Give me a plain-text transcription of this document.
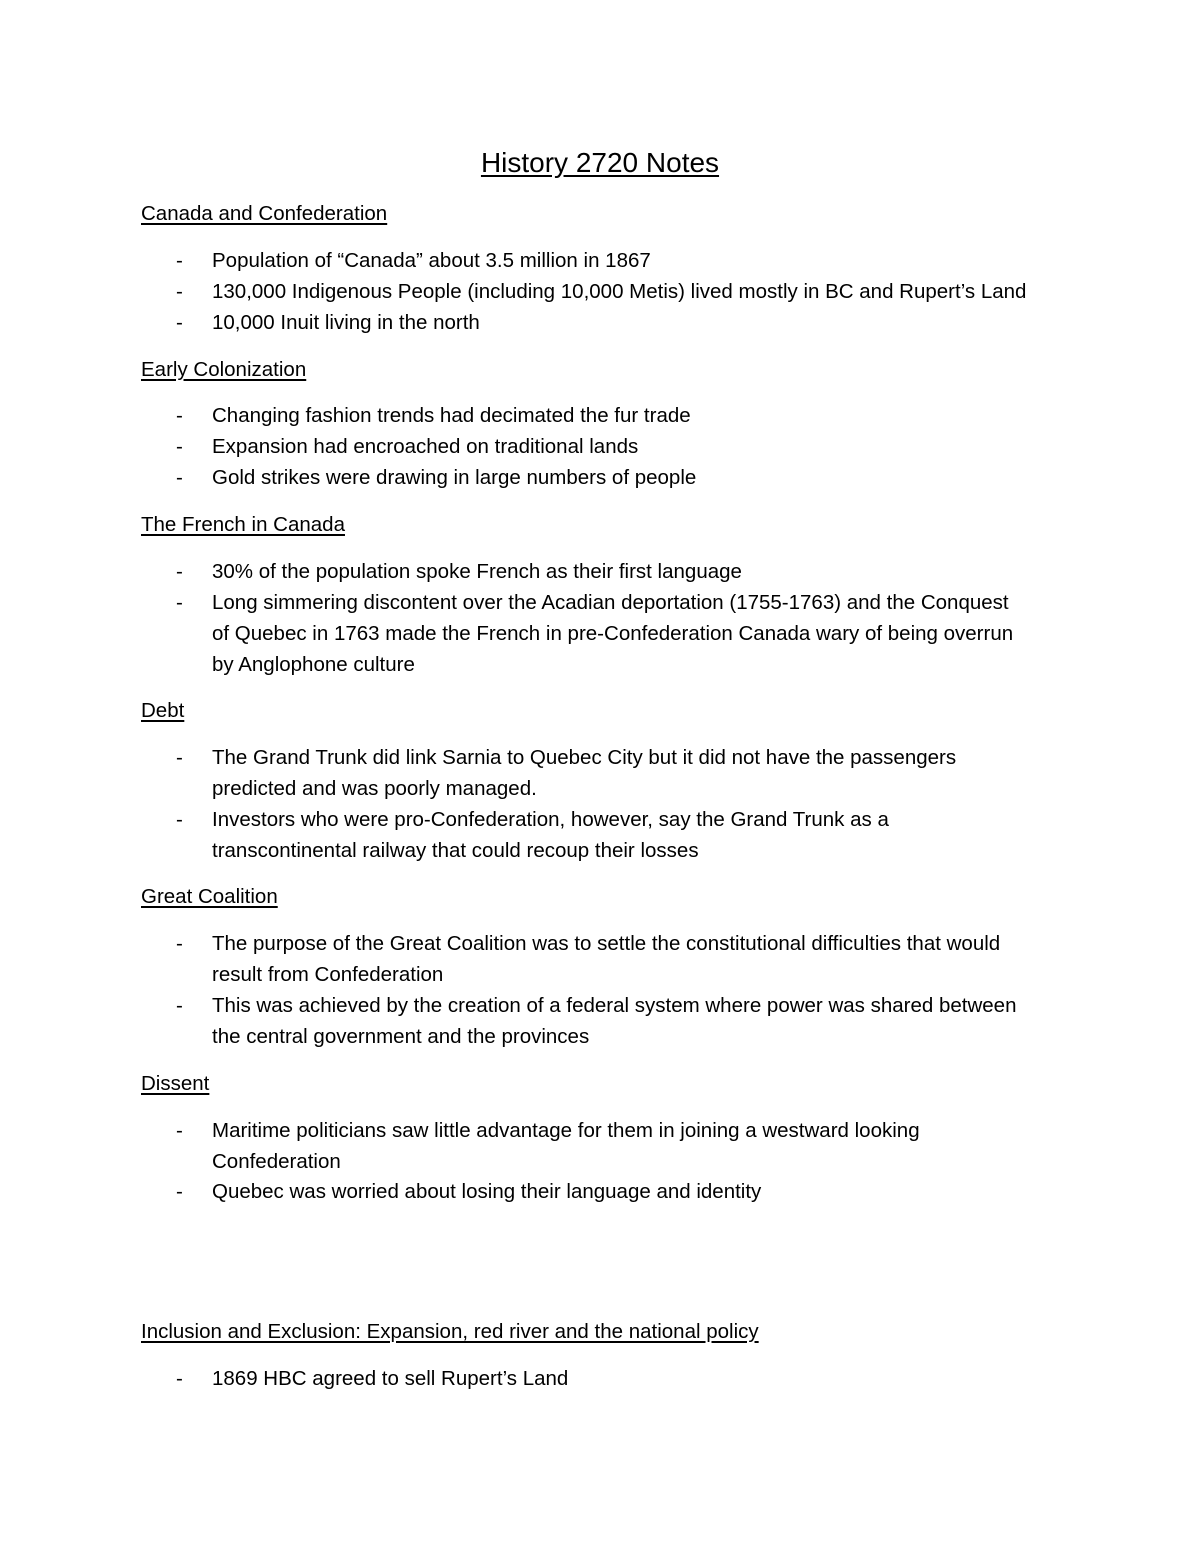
History 2720 Notes
Canada and Confederation
- Population of “Canada” about 3.5 million in 1867
- 130,000 Indigenous People (including 10,000 Metis) lived mostly in BC and Rupert’s Land
- 10,000 Inuit living in the north
Early Colonization
- Changing fashion trends had decimated the fur trade
- Expansion had encroached on traditional lands
- Gold strikes were drawing in large numbers of people
The French in Canada
- 30% of the population spoke French as their first language
- Long simmering discontent over the Acadian deportation (1755-1763) and the Conquest
of Quebec in 1763 made the French in pre-Confederation Canada wary of being overrun
by Anglophone culture
Debt
- The Grand Trunk did link Sarnia to Quebec City but it did not have the passengers
predicted and was poorly managed.
- Investors who were pro-Confederation, however, say the Grand Trunk as a
transcontinental railway that could recoup their losses
Great Coalition
- The purpose of the Great Coalition was to settle the constitutional difficulties that would
result from Confederation
- This was achieved by the creation of a federal system where power was shared between
the central government and the provinces
Dissent
- Maritime politicians saw little advantage for them in joining a westward looking
Confederation
- Quebec was worried about losing their language and identity
Inclusion and Exclusion: Expansion, red river and the national policy
- 1869 HBC agreed to sell Rupert’s Land
